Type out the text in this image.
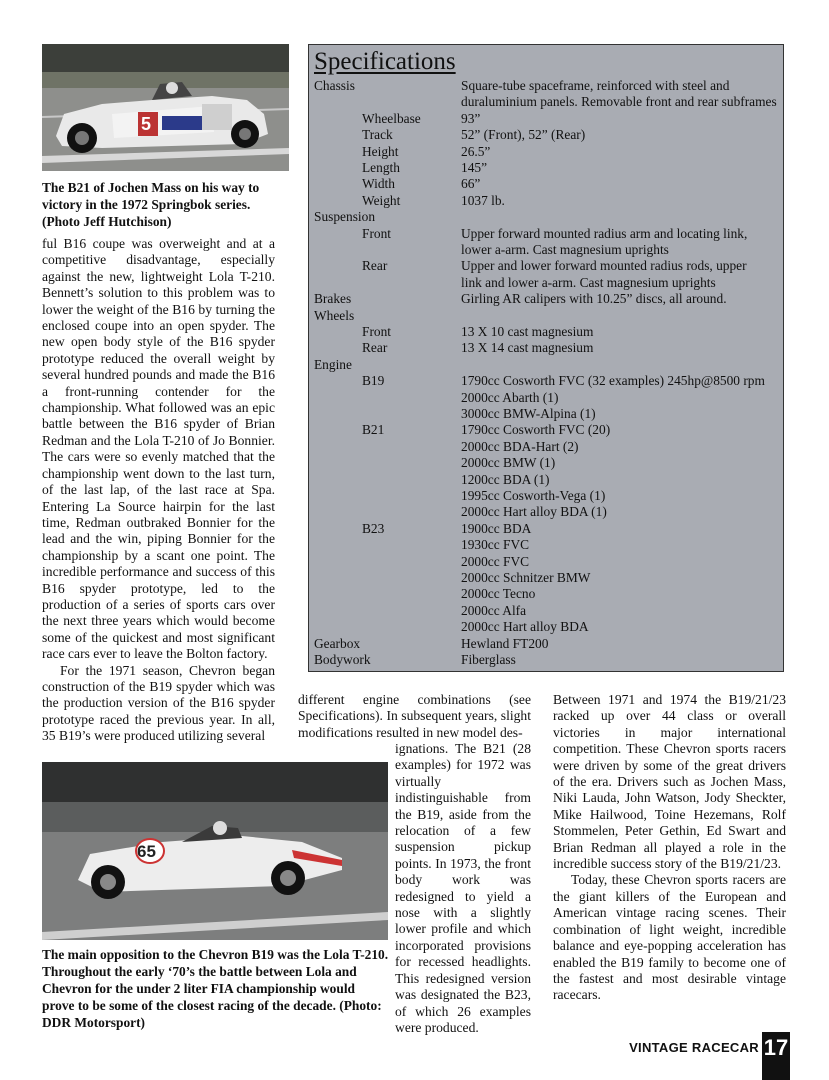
5
The B21 of Jochen Mass on his way to victory in the 1972 Springbok series. (Photo Jeff Hutchison)

ful B16 coupe was overweight and at a competitive disadvantage, especially against the new, lightweight Lola T-210. Bennett’s solution to this problem was to lower the weight of the B16 by turning the enclosed coupe into an open spyder. The new open body style of the B16 spyder prototype reduced the overall weight by several hundred pounds and made the B16 a front-running contender for the championship. What followed was an epic battle between the B16 spyder of Brian Redman and the Lola T-210 of Jo Bonnier. The cars were so evenly matched that the championship went down to the last turn, of the last lap, of the last race at Spa. Entering La Source hairpin for the last time, Redman outbraked Bonnier for the lead and the win, piping Bonnier for the championship by a scant one point. The incredible performance and success of this B16 spyder prototype, led to the production of a series of sports cars over the next three years which would become some of the quickest and most significant race cars ever to leave the Bolton factory.

For the 1971 season, Chevron began construction of the B19 spyder which was the production version of the B16 spyder prototype raced the previous year. In all, 35 B19’s were produced utilizing several

Specifications
Chassis	Square-tube spaceframe, reinforced with steel and
duraluminium panels. Removable front and rear subframes
Wheelbase	93”
Track	52” (Front), 52” (Rear)
Height	26.5”
Length	145”
Width	66”
Weight	1037 lb.
Suspension
Front	Upper forward mounted radius arm and locating link,
lower a-arm. Cast magnesium uprights
Rear	Upper and lower forward mounted radius rods, upper
link and lower a-arm. Cast magnesium uprights
Brakes	Girling AR calipers with 10.25” discs, all around.
Wheels
Front	13 X 10 cast magnesium
Rear	13 X 14 cast magnesium
Engine
B19	1790cc Cosworth FVC (32 examples) 245hp@8500 rpm
2000cc Abarth (1)
3000cc BMW-Alpina (1)
B21	1790cc Cosworth FVC (20)
2000cc BDA-Hart (2)
2000cc BMW (1)
1200cc BDA (1)
1995cc Cosworth-Vega (1)
2000cc Hart alloy BDA (1)
B23	1900cc BDA
1930cc FVC
2000cc FVC
2000cc Schnitzer BMW
2000cc Tecno
2000cc Alfa
2000cc Hart alloy BDA
Gearbox	Hewland FT200
Bodywork	Fiberglass
different engine combinations (see Specifications). In subsequent years, slight modifications resulted in new model des-
65
The main opposition to the Chevron B19 was the Lola T-210. Throughout the early ‘70’s the battle between Lola and Chevron for the under 2 liter FIA championship would prove to be some of the closest racing of the decade. (Photo: DDR Motorsport)
ignations. The B21 (28 examples) for 1972 was virtually indistinguishable from the B19, aside from the relocation of a few suspension pickup points. In 1973, the front body work was redesigned to yield a nose with a slightly lower profile and which incorporated provisions for recessed headlights. This redesigned version was designated the B23, of which 26 examples were produced.

Between 1971 and 1974 the B19/21/23 racked up over 44 class or overall victories in major international competition. These Chevron sports racers were driven by some of the great drivers of the era. Drivers such as Jochen Mass, Niki Lauda, John Watson, Jody Sheckter, Mike Hailwood, Toine Hezemans, Rolf Stommelen, Peter Gethin, Ed Swart and Brian Redman all played a role in the incredible success story of the B19/21/23.

Today, these Chevron sports racers are the giant killers of the European and American vintage racing scenes. Their combination of light weight, incredible balance and eye-popping acceleration has enabled the B19 family to become one of the fastest and most desirable vintage racecars.

VINTAGE RACECAR 17
